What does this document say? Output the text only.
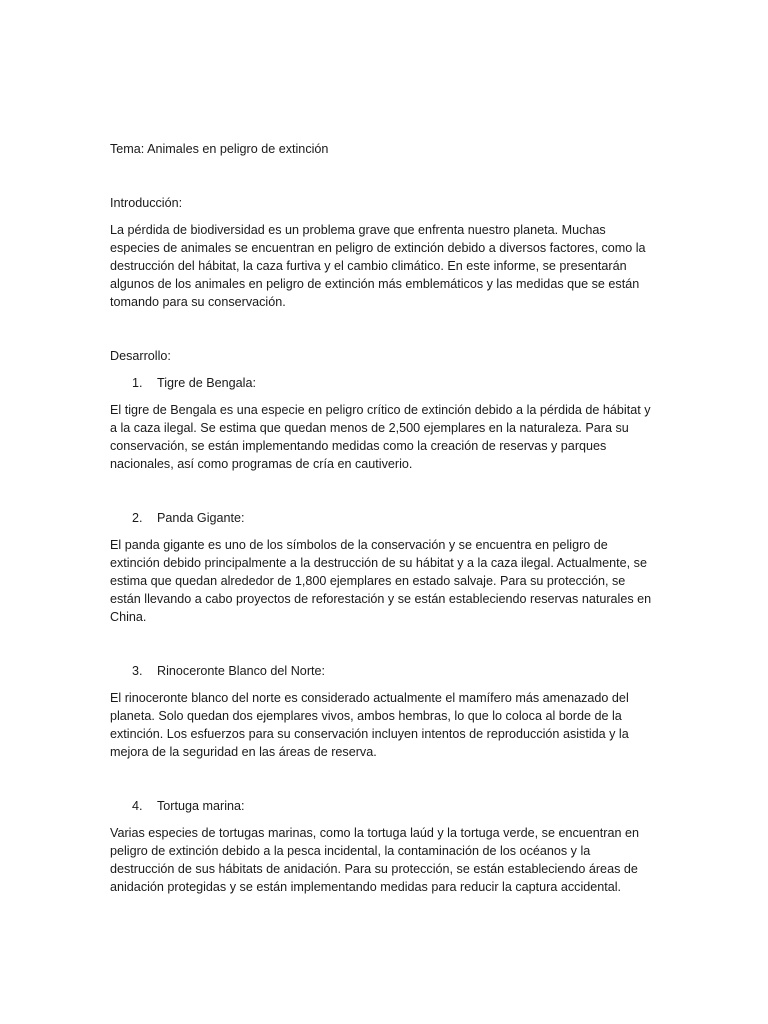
Tema: Animales en peligro de extinción

Introducción:

La pérdida de biodiversidad es un problema grave que enfrenta nuestro planeta. Muchas especies de animales se encuentran en peligro de extinción debido a diversos factores, como la destrucción del hábitat, la caza furtiva y el cambio climático. En este informe, se presentarán algunos de los animales en peligro de extinción más emblemáticos y las medidas que se están tomando para su conservación.

Desarrollo:

1.	Tigre de Bengala:

El tigre de Bengala es una especie en peligro crítico de extinción debido a la pérdida de hábitat y a la caza ilegal. Se estima que quedan menos de 2,500 ejemplares en la naturaleza. Para su conservación, se están implementando medidas como la creación de reservas y parques nacionales, así como programas de cría en cautiverio.

2.	Panda Gigante:

El panda gigante es uno de los símbolos de la conservación y se encuentra en peligro de extinción debido principalmente a la destrucción de su hábitat y a la caza ilegal. Actualmente, se estima que quedan alrededor de 1,800 ejemplares en estado salvaje. Para su protección, se están llevando a cabo proyectos de reforestación y se están estableciendo reservas naturales en China.

3.	Rinoceronte Blanco del Norte:

El rinoceronte blanco del norte es considerado actualmente el mamífero más amenazado del planeta. Solo quedan dos ejemplares vivos, ambos hembras, lo que lo coloca al borde de la extinción. Los esfuerzos para su conservación incluyen intentos de reproducción asistida y la mejora de la seguridad en las áreas de reserva.

4.	Tortuga marina:

Varias especies de tortugas marinas, como la tortuga laúd y la tortuga verde, se encuentran en peligro de extinción debido a la pesca incidental, la contaminación de los océanos y la destrucción de sus hábitats de anidación. Para su protección, se están estableciendo áreas de anidación protegidas y se están implementando medidas para reducir la captura accidental.
